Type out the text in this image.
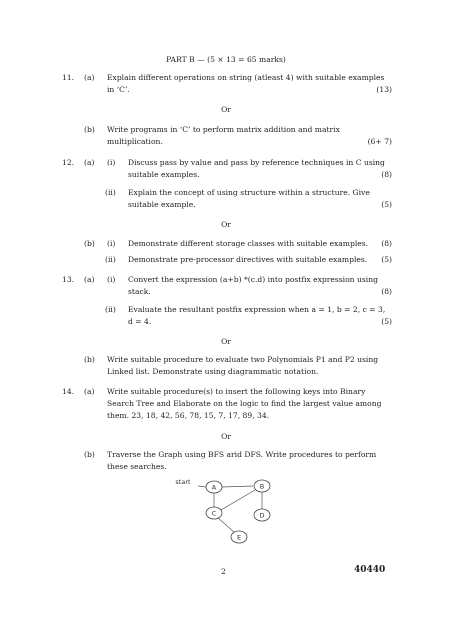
PART B — (5 × 13 = 65 marks)
11. (a) Explain different operations on string (atleast 4) with suitable examples
in ‘C’.	(13)
Or
(b) Write programs in ‘C’ to perform matrix addition and matrix
multiplication.	(6+ 7)
12. (a) (i) Discuss pass by value and pass by reference techniques in C using
suitable examples.	(8)
(ii) Explain the concept of using structure within a structure. Give
suitable example.	(5)
Or
(b) (i) Demonstrate different storage classes with suitable examples. (8)
(ii) Demonstrate pre-processor directives with suitable examples. (5)
13. (a) (i) Convert the expression (a+b) *(c.d) into postfix expression using
stack.	(8)
(ii) Evaluate the resultant postfix expression when a = 1, b = 2, c = 3,
d = 4.	(5)
Or
(b) Write suitable procedure to evaluate two Polynomials P1 and P2 using
Linked list. Demonstrate using diagrammatic notation.
14. (a) Write suitable procedure(s) to insert the following keys into Binary
Search Tree and Elaborate on the logic to find the largest value among
them. 23, 18, 42, 56, 78, 15, 7, 17, 89, 34.
Or
(b) Traverse the Graph using BFS arid DFS. Write procedures to perform
these searches.
start
A	B
C	D
E
2	40440
